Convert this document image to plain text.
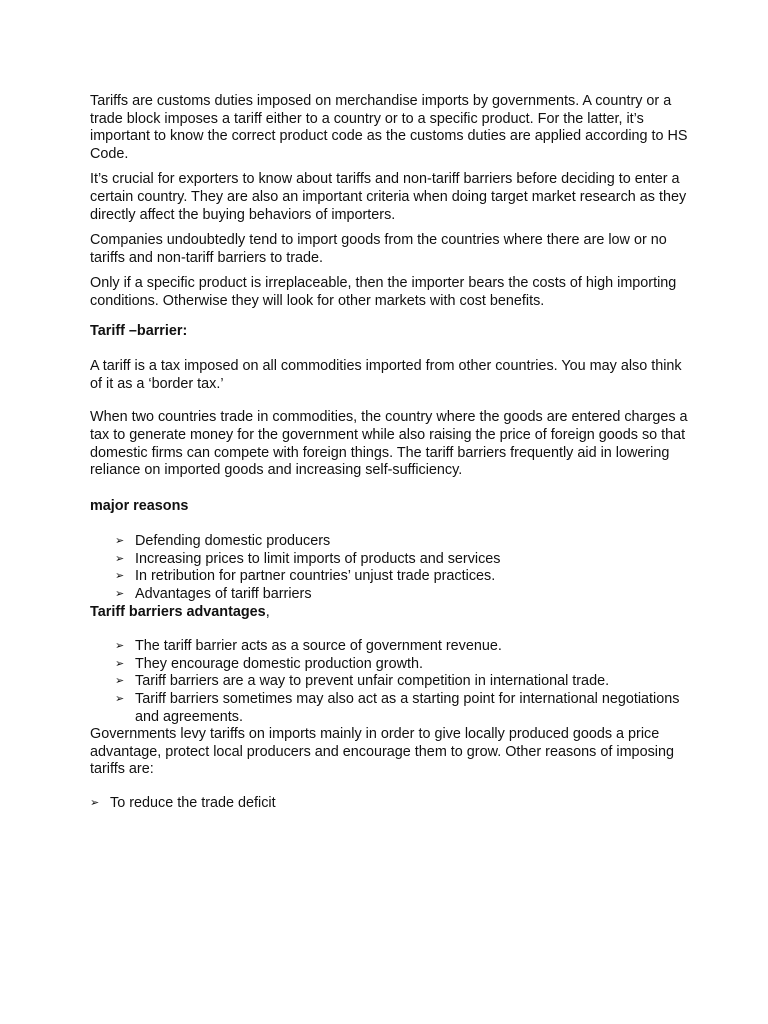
Tariffs are customs duties imposed on merchandise imports by governments. A country or a trade block imposes a tariff either to a country or to a specific product. For the latter, it’s important to know the correct product code as the customs duties are applied according to HS Code.

It’s crucial for exporters to know about tariffs and non-tariff barriers before deciding to enter a certain country. They are also an important criteria when doing target market research as they directly affect the buying behaviors of importers.

Companies undoubtedly tend to import goods from the countries where there are low or no tariffs and non-tariff barriers to trade.

Only if a specific product is irreplaceable, then the importer bears the costs of high importing conditions. Otherwise they will look for other markets with cost benefits.

Tariff –barrier:

A tariff is a tax imposed on all commodities imported from other countries. You may also think of it as a ‘border tax.’

When two countries trade in commodities, the country where the goods are entered charges a tax to generate money for the government while also raising the price of foreign goods so that domestic firms can compete with foreign things. The tariff barriers frequently aid in lowering reliance on imported goods and increasing self-sufficiency.

major reasons

➢ Defending domestic producers
➢ Increasing prices to limit imports of products and services
➢ In retribution for partner countries’ unjust trade practices.
➢ Advantages of tariff barriers

Tariff barriers advantages,

➢ The tariff barrier acts as a source of government revenue.
➢ They encourage domestic production growth.
➢ Tariff barriers are a way to prevent unfair competition in international trade.
➢ Tariff barriers sometimes may also act as a starting point for international negotiations and agreements.

Governments levy tariffs on imports mainly in order to give locally produced goods a price advantage, protect local producers and encourage them to grow. Other reasons of imposing tariffs are:

➢ To reduce the trade deficit
